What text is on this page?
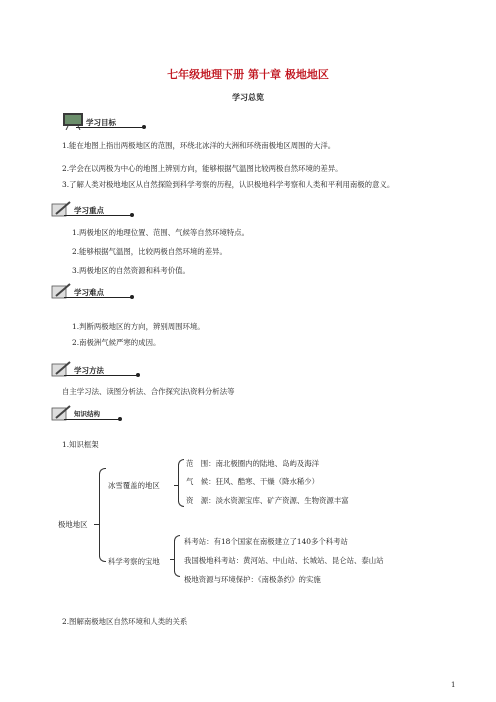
七年级地理下册 第十章 极地地区
学习总览
学习目标
1.能在地图上指出两极地区的范围，环绕北冰洋的大洲和环绕南极地区周围的大洋。
2.学会在以两极为中心的地图上辨别方向，能够根据气温图比较两极自然环境的差异。
3.了解人类对极地地区从自然探险到科学考察的历程，认识极地科学考察和人类和平利用南极的意义。
学习重点
1.两极地区的地理位置、范围、气候等自然环境特点。
2.能够根据气温图，比较两极自然环境的差异。
3.两极地区的自然资源和科考价值。
学习难点
1.判断两极地区的方向，辨别周围环境。
2.南极洲气候严寒的成因。
学习方法
自主学习法、读图分析法、合作探究法\资料分析法等
知识结构
1.知识框架
极地地区
冰雪覆盖的地区
范　围：南北极圈内的陆地、岛屿及海洋
气　候：狂风、酷寒、干燥（降水稀少）
资　源：淡水资源宝库、矿产资源、生物资源丰富
科学考察的宝地
科考站：有18个国家在南极建立了140多个科考站
我国极地科考站：黄河站、中山站、长城站、昆仑站、泰山站
极地资源与环境保护：《南极条约》的实施
2.图解南极地区自然环境和人类的关系
1
